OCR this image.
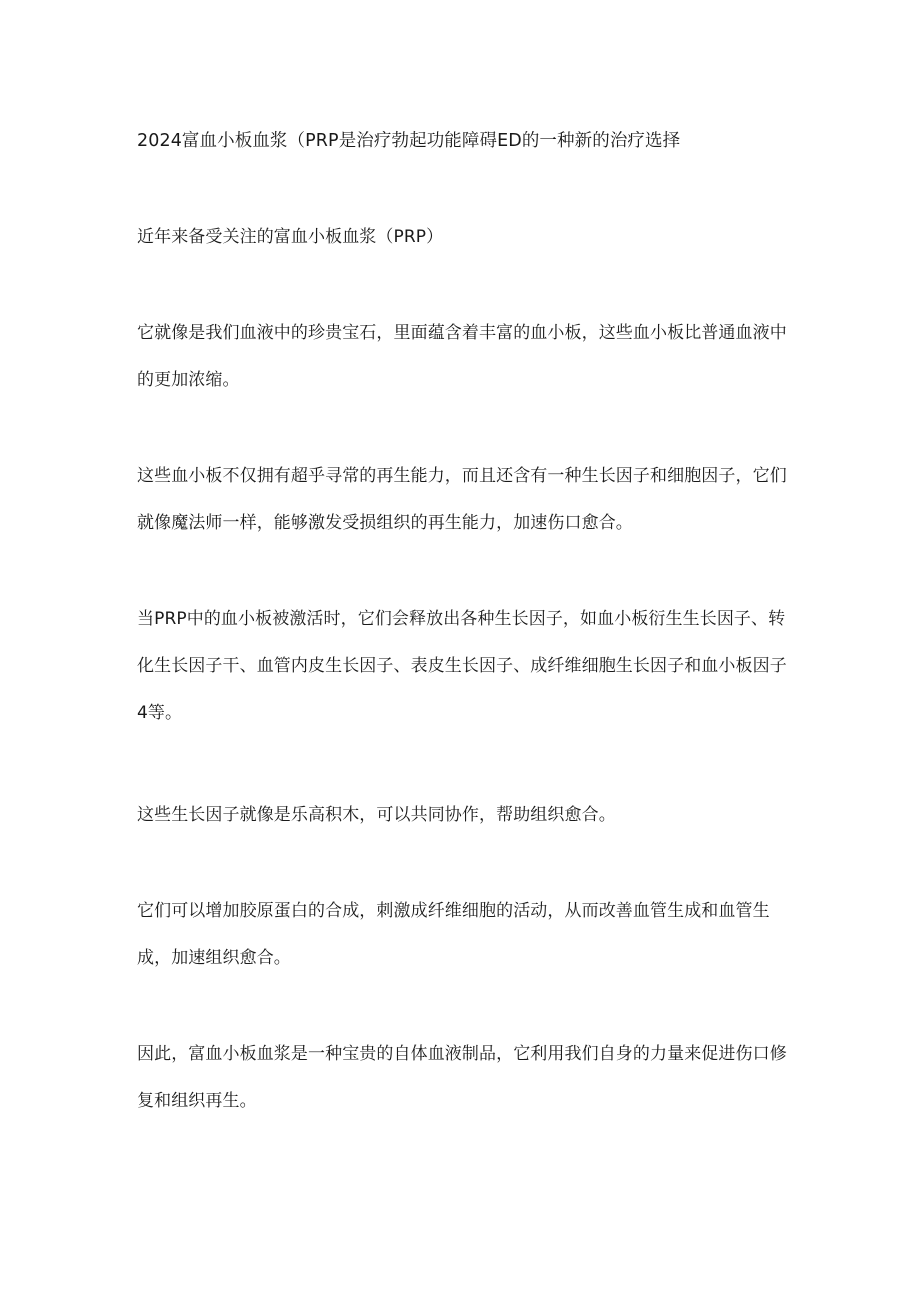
2024富血小板血浆（PRP是治疗勃起功能障碍ED的一种新的治疗选择

近年来备受关注的富血小板血浆（PRP）

它就像是我们血液中的珍贵宝石，里面蕴含着丰富的血小板，这些血小板比普通血液中的更加浓缩。

这些血小板不仅拥有超乎寻常的再生能力，而且还含有一种生长因子和细胞因子，它们就像魔法师一样，能够激发受损组织的再生能力，加速伤口愈合。

当PRP中的血小板被激活时，它们会释放出各种生长因子，如血小板衍生生长因子、转化生长因子干、血管内皮生长因子、表皮生长因子、成纤维细胞生长因子和血小板因子4等。

这些生长因子就像是乐高积木，可以共同协作，帮助组织愈合。

它们可以增加胶原蛋白的合成，刺激成纤维细胞的活动，从而改善血管生成和血管生成，加速组织愈合。

因此，富血小板血浆是一种宝贵的自体血液制品，它利用我们自身的力量来促进伤口修复和组织再生。
